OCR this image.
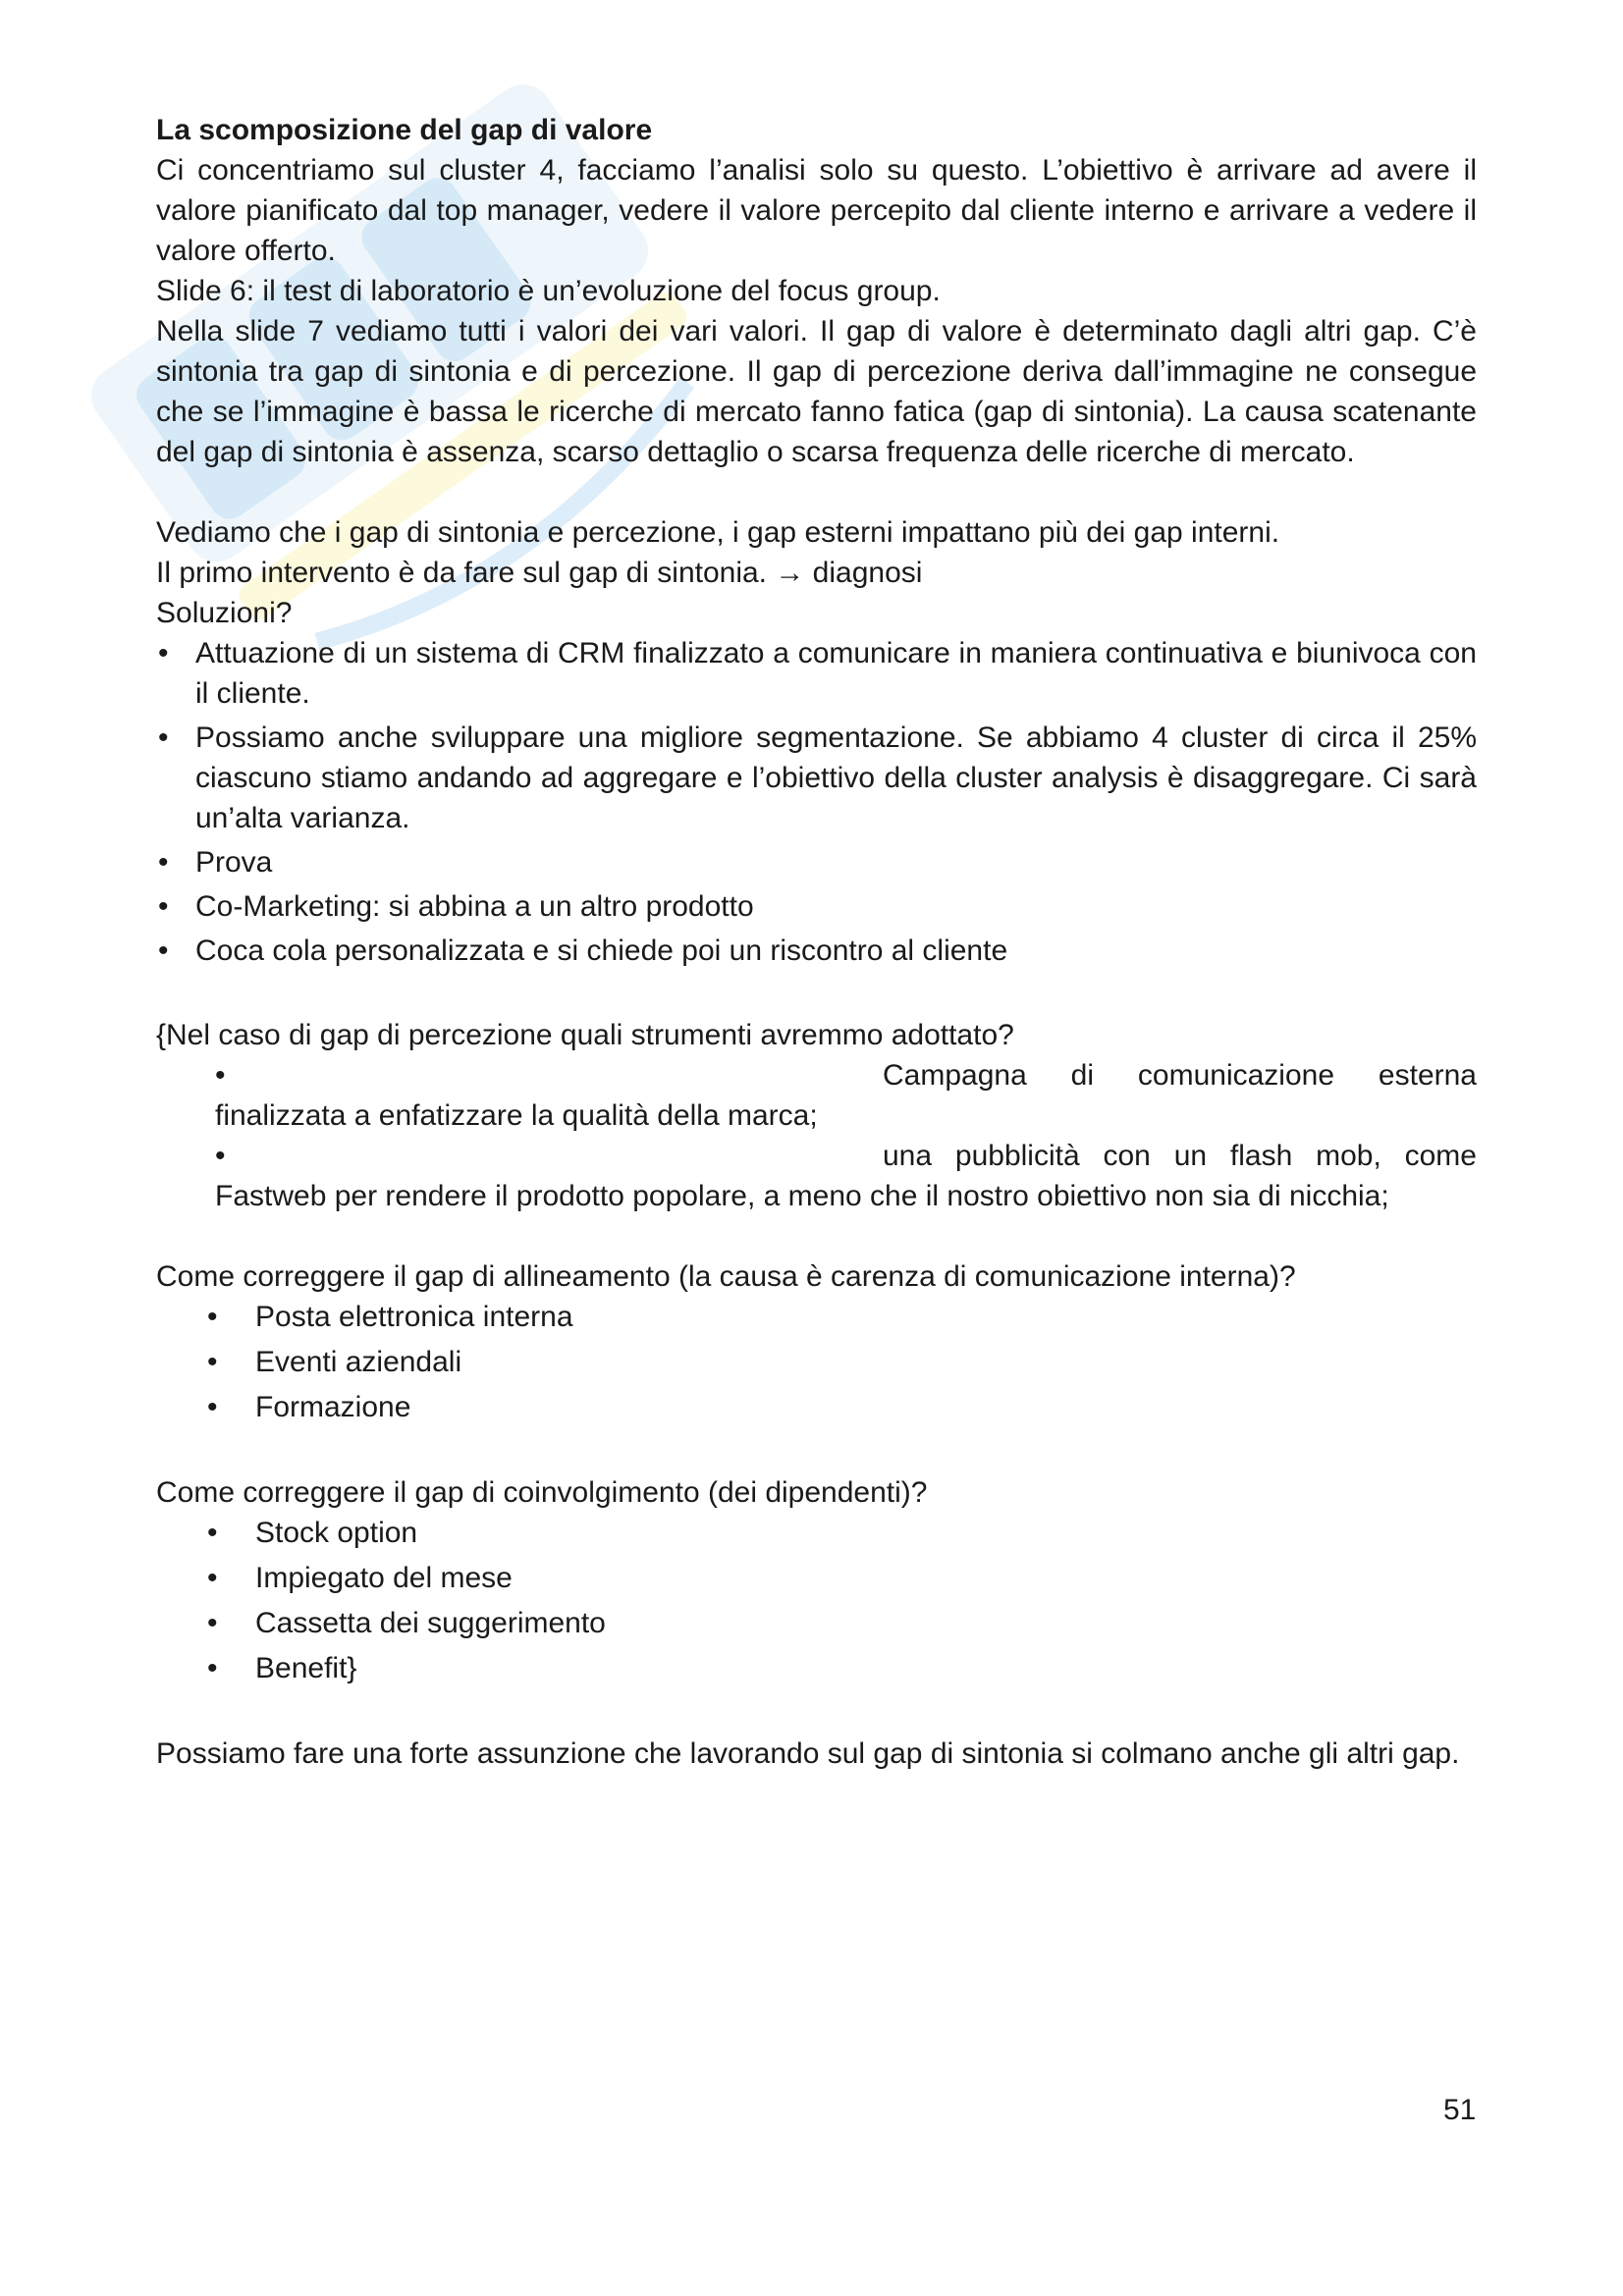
La scomposizione del gap di valore

Ci concentriamo sul cluster 4, facciamo l’analisi solo su questo. L’obiettivo è arrivare ad avere il valore pianificato dal top manager, vedere il valore percepito dal cliente interno e arrivare a vedere il valore offerto.

Slide 6: il test di laboratorio è un’evoluzione del focus group.

Nella slide 7 vediamo tutti i valori dei vari valori. Il gap di valore è determinato dagli altri gap. C’è sintonia tra gap di sintonia e di percezione. Il gap di percezione deriva dall’immagine ne consegue che se l’immagine è bassa le ricerche di mercato fanno fatica (gap di sintonia). La causa scatenante del gap di sintonia è assenza, scarso dettaglio o scarsa frequenza delle ricerche di mercato.

Vediamo che i gap di sintonia e percezione, i gap esterni impattano più dei gap interni.

Il primo intervento è da fare sul gap di sintonia. → diagnosi

Soluzioni?

• Attuazione di un sistema di CRM finalizzato a comunicare in maniera continuativa e biunivoca con il cliente.
• Possiamo anche sviluppare una migliore segmentazione. Se abbiamo 4 cluster di circa il 25% ciascuno stiamo andando ad aggregare e l’obiettivo della cluster analysis è disaggregare. Ci sarà un’alta varianza.
• Prova
• Co-Marketing: si abbina a un altro prodotto
• Coca cola personalizzata e si chiede poi un riscontro al cliente

{Nel caso di gap di percezione quali strumenti avremmo adottato?

•	Campagna di comunicazione esterna
finalizzata a enfatizzare la qualità della marca;
•	una pubblicità con un flash mob, come
Fastweb per rendere il prodotto popolare, a meno che il nostro obiettivo non sia di nicchia;

Come correggere il gap di allineamento (la causa è carenza di comunicazione interna)?

• Posta elettronica interna
• Eventi aziendali
• Formazione

Come correggere il gap di coinvolgimento (dei dipendenti)?

• Stock option
• Impiegato del mese
• Cassetta dei suggerimento
• Benefit}

Possiamo fare una forte assunzione che lavorando sul gap di sintonia si colmano anche gli altri gap.

51
